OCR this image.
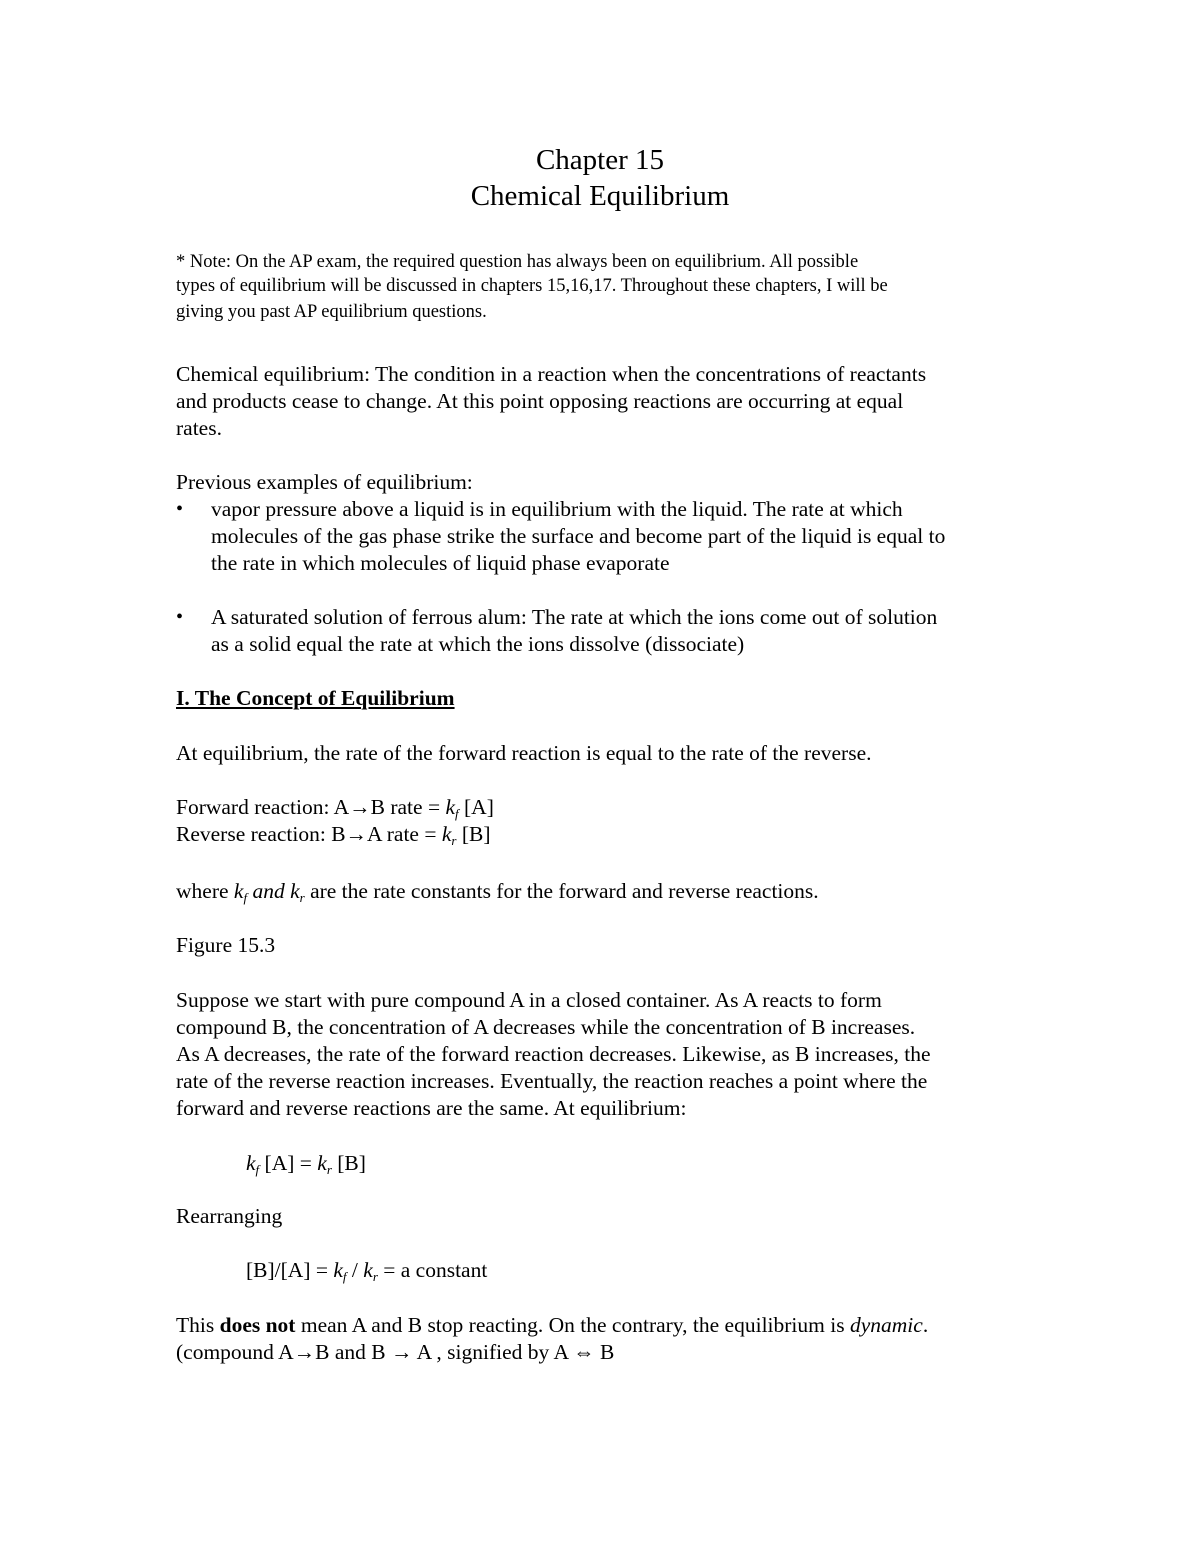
Chapter 15
Chemical Equilibrium
* Note: On the AP exam, the required question has always been on equilibrium. All possible
types of equilibrium will be discussed in chapters 15,16,17. Throughout these chapters, I will be
giving you past AP equilibrium questions.
Chemical equilibrium: The condition in a reaction when the concentrations of reactants
and products cease to change. At this point opposing reactions are occurring at equal
rates.
Previous examples of equilibrium:
• vapor pressure above a liquid is in equilibrium with the liquid. The rate at which
molecules of the gas phase strike the surface and become part of the liquid is equal to
the rate in which molecules of liquid phase evaporate
• A saturated solution of ferrous alum: The rate at which the ions come out of solution
as a solid equal the rate at which the ions dissolve (dissociate)
I. The Concept of Equilibrium
At equilibrium, the rate of the forward reaction is equal to the rate of the reverse.
Forward reaction: A→B rate = $k_f$ [A]
Reverse reaction: B→A rate = $k_r$ [B]
where $k_f$ and $k_r$ are the rate constants for the forward and reverse reactions.
Figure 15.3
Suppose we start with pure compound A in a closed container. As A reacts to form
compound B, the concentration of A decreases while the concentration of B increases.
As A decreases, the rate of the forward reaction decreases. Likewise, as B increases, the
rate of the reverse reaction increases. Eventually, the reaction reaches a point where the
forward and reverse reactions are the same. At equilibrium:
$k_f$ $[A] = k_r$ [B]
Rearranging
$[B]/[A] = k_f / k_r = a$ constant
This does not mean A and B stop reacting. On the contrary, the equilibrium is dynamic.
(compound A→B and B → A , signified by A ⇔ B
